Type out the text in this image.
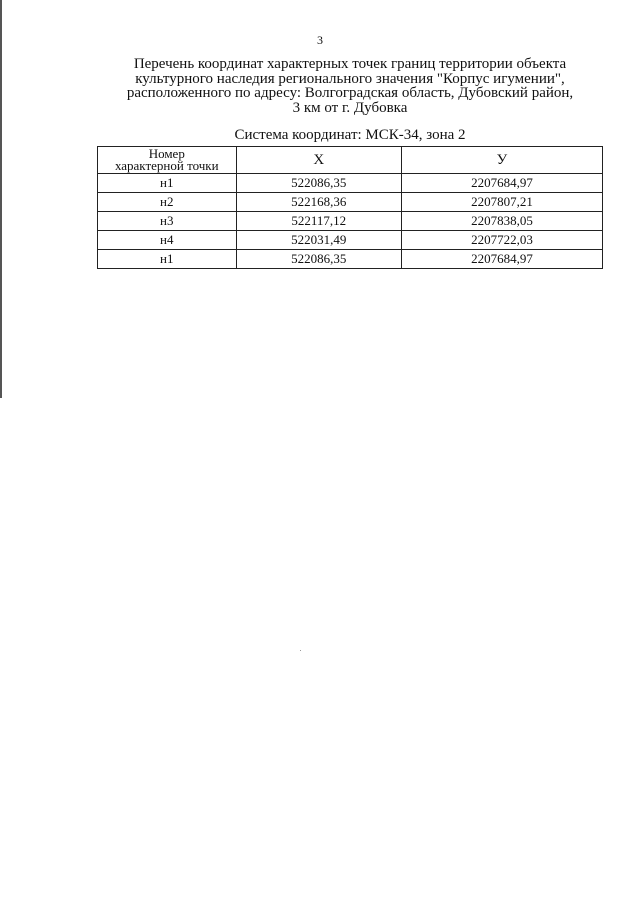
3
Перечень координат характерных точек границ территории объекта
культурного наследия регионального значения "Корпус игумении",
расположенного по адресу: Волгоградская область, Дубовский район,
3 км от г. Дубовка
Система координат: МСК-34, зона 2
Номер
характерной точки	X	У
н1	522086,35	2207684,97
н2	522168,36	2207807,21
н3	522117,12	2207838,05
н4	522031,49	2207722,03
н1	522086,35	2207684,97
